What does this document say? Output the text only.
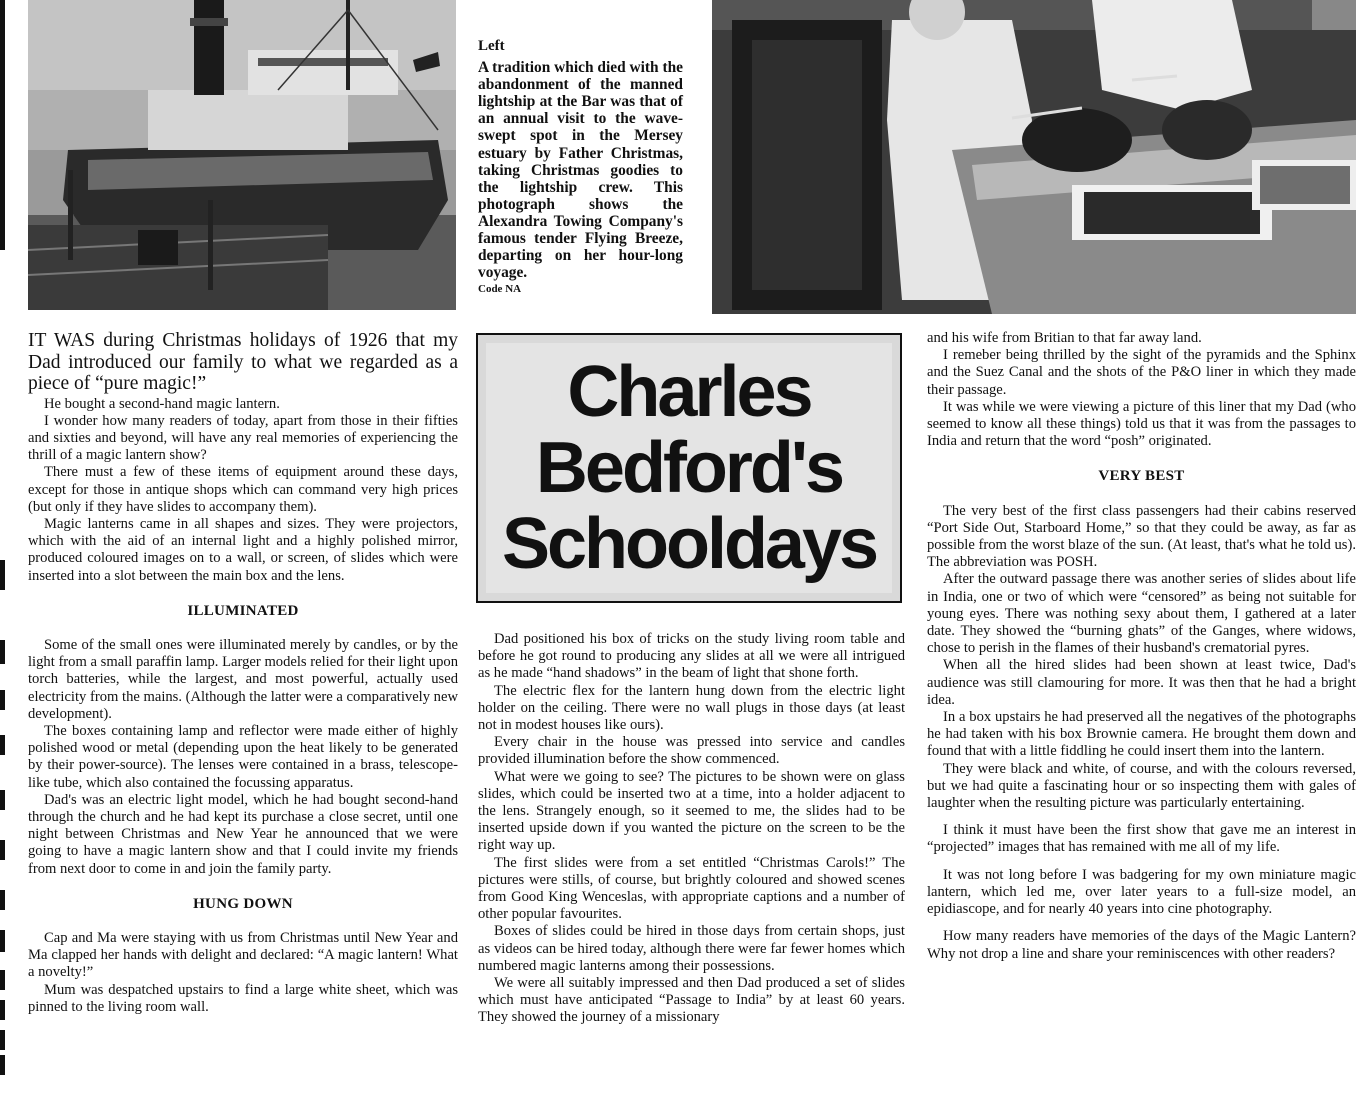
Left
A tradition which died with the abandonment of the manned lightship at the Bar was that of an annual visit to the wave-swept spot in the Mersey estuary by Father Christmas, taking Christmas goodies to the lightship crew. This photograph shows the Alexandra Towing Company's famous tender Flying Breeze, departing on her hour-long voyage.
Code NA
Charles
Bedford's
Schooldays

IT WAS during Christmas holidays of 1926 that my Dad introduced our family to what we regarded as a piece of “pure magic!”

He bought a second-hand magic lantern.

I wonder how many readers of today, apart from those in their fifties and sixties and beyond, will have any real memories of experiencing the thrill of a magic lantern show?

There must a few of these items of equipment around these days, except for those in antique shops which can command very high prices (but only if they have slides to accompany them).

Magic lanterns came in all shapes and sizes. They were projectors, which with the aid of an internal light and a highly polished mirror, produced coloured images on to a wall, or screen, of slides which were inserted into a slot between the main box and the lens.

ILLUMINATED

Some of the small ones were illuminated merely by candles, or by the light from a small paraffin lamp. Larger models relied for their light upon torch batteries, while the largest, and most powerful, actually used electricity from the mains. (Although the latter were a comparatively new development).

The boxes containing lamp and reflector were made either of highly polished wood or metal (depending upon the heat likely to be generated by their power-source). The lenses were contained in a brass, telescope-like tube, which also contained the focussing apparatus.

Dad's was an electric light model, which he had bought second-hand through the church and he had kept its purchase a close secret, until one night between Christmas and New Year he announced that we were going to have a magic lantern show and that I could invite my friends from next door to come in and join the family party.

HUNG DOWN

Cap and Ma were staying with us from Christmas until New Year and Ma clapped her hands with delight and declared: “A magic lantern! What a novelty!”

Mum was despatched upstairs to find a large white sheet, which was pinned to the living room wall.

Dad positioned his box of tricks on the study living room table and before he got round to producing any slides at all we were all intrigued as he made “hand shadows” in the beam of light that shone forth.

The electric flex for the lantern hung down from the electric light holder on the ceiling. There were no wall plugs in those days (at least not in modest houses like ours).

Every chair in the house was pressed into service and candles provided illumination before the show commenced.

What were we going to see? The pictures to be shown were on glass slides, which could be inserted two at a time, into a holder adjacent to the lens. Strangely enough, so it seemed to me, the slides had to be inserted upside down if you wanted the picture on the screen to be the right way up.

The first slides were from a set entitled “Christmas Carols!” The pictures were stills, of course, but brightly coloured and showed scenes from Good King Wenceslas, with appropriate captions and a number of other popular favourites.

Boxes of slides could be hired in those days from certain shops, just as videos can be hired today, although there were far fewer homes which numbered magic lanterns among their possessions.

We were all suitably impressed and then Dad produced a set of slides which must have anticipated “Passage to India” by at least 60 years. They showed the journey of a missionary

and his wife from Britian to that far away land.

I remeber being thrilled by the sight of the pyramids and the Sphinx and the Suez Canal and the shots of the P&O liner in which they made their passage.

It was while we were viewing a picture of this liner that my Dad (who seemed to know all these things) told us that it was from the passages to India and return that the word “posh” originated.

VERY BEST

The very best of the first class passengers had their cabins reserved “Port Side Out, Starboard Home,” so that they could be away, as far as possible from the worst blaze of the sun. (At least, that's what he told us). The abbreviation was POSH.

After the outward passage there was another series of slides about life in India, one or two of which were “censored” as being not suitable for young eyes. There was nothing sexy about them, I gathered at a later date. They showed the “burning ghats” of the Ganges, where widows, chose to perish in the flames of their husband's crematorial pyres.

When all the hired slides had been shown at least twice, Dad's audience was still clamouring for more. It was then that he had a bright idea.

In a box upstairs he had preserved all the negatives of the photographs he had taken with his box Brownie camera. He brought them down and found that with a little fiddling he could insert them into the lantern.

They were black and white, of course, and with the colours reversed, but we had quite a fascinating hour or so inspecting them with gales of laughter when the resulting picture was particularly entertaining.

I think it must have been the first show that gave me an interest in “projected” images that has remained with me all of my life.

It was not long before I was badgering for my own miniature magic lantern, which led me, over later years to a full-size model, an epidiascope, and for nearly 40 years into cine photography.

How many readers have memories of the days of the Magic Lantern? Why not drop a line and share your reminiscences with other readers?
